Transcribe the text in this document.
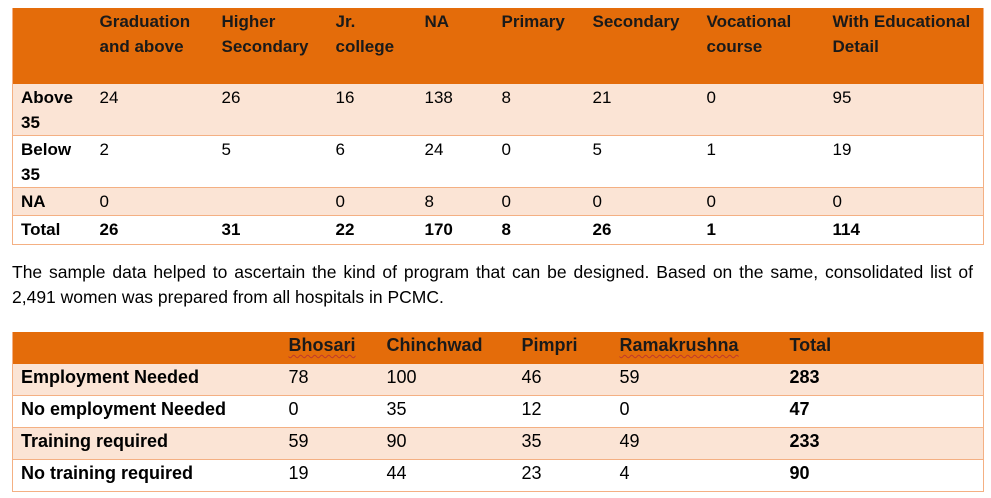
	Graduation and above	Higher Secondary	Jr. college	NA	Primary	Secondary	Vocational course	With Educational Detail
Above 35	24	26	16	138	8	21	0	95
Below 35	2	5	6	24	0	5	1	19
NA	0		0	8	0	0	0	0
Total	26	31	22	170	8	26	1	114
The sample data helped to ascertain the kind of program that can be designed. Based on the same, consolidated list of 2,491 women was prepared from all hospitals in PCMC.
	Bhosari	Chinchwad	Pimpri	Ramakrushna	Total
Employment Needed	78	100	46	59	283
No employment Needed	0	35	12	0	47
Training required	59	90	35	49	233
No training required	19	44	23	4	90
